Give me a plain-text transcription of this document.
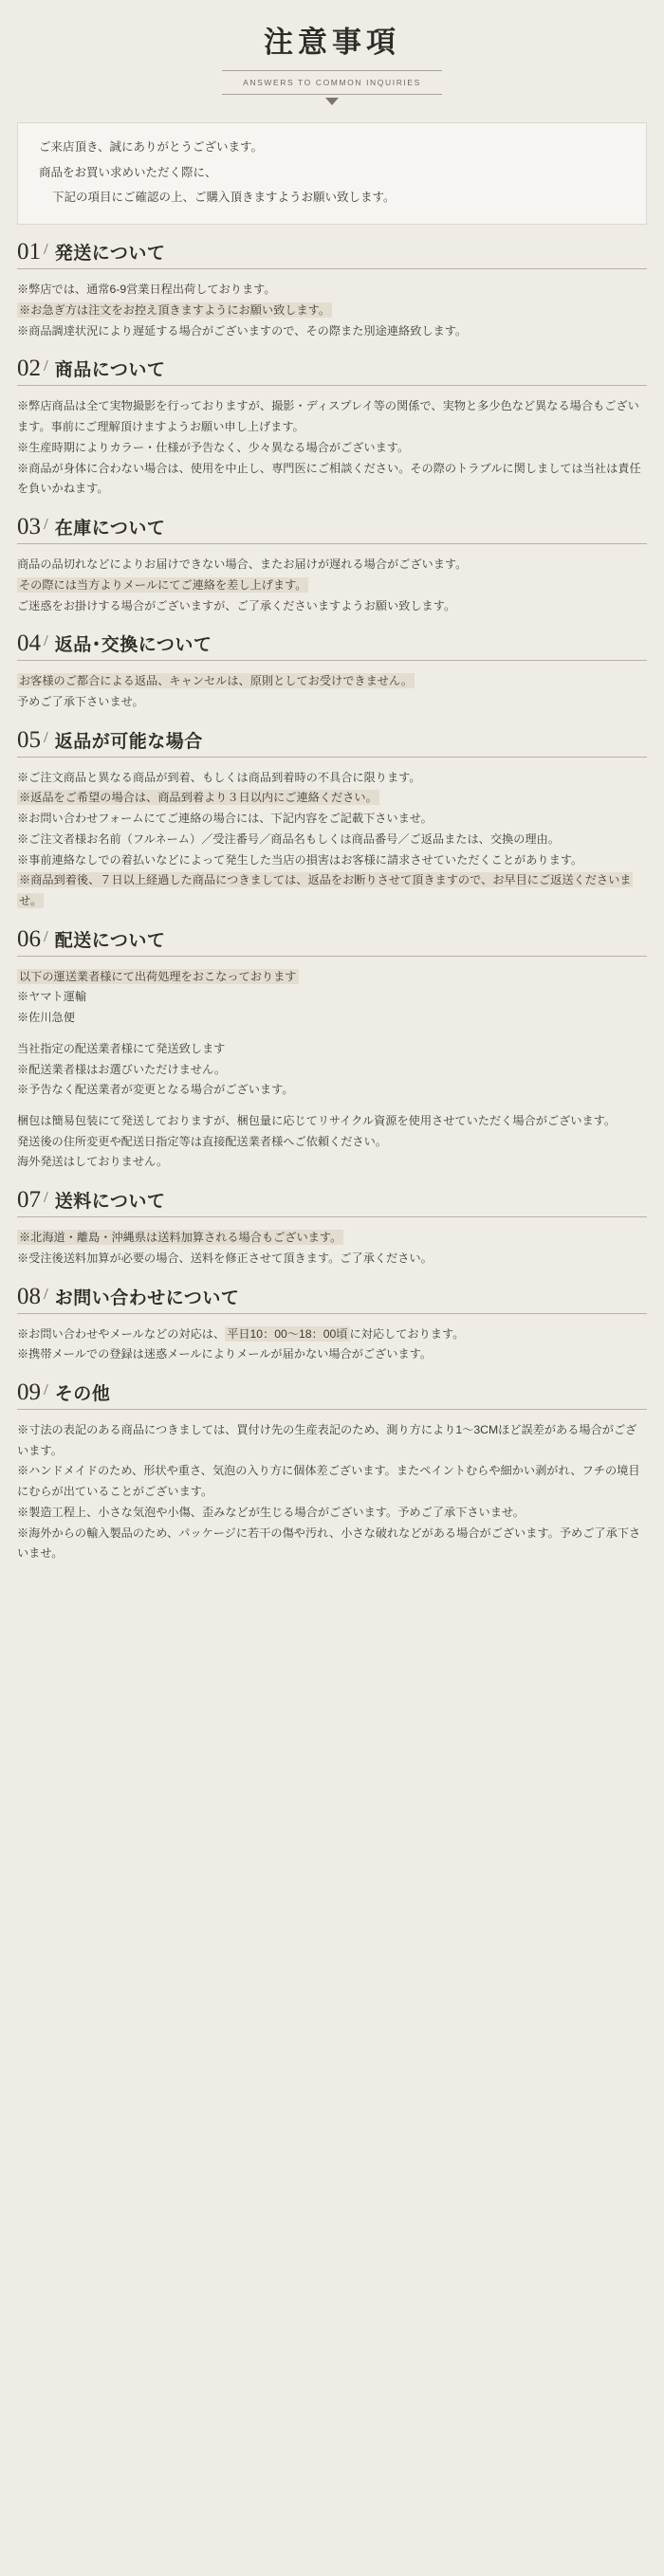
注意事項

ANSWERS TO COMMON INQUIRIES

ご来店頂き、誠にありがとうございます。

商品をお買い求めいただく際に、

下記の項目にご確認の上、ご購入頂きますようお願い致します。

01 / 発送について

※弊店では、通常6-9営業日程出荷しております。

※お急ぎ方は注文をお控え頂きますようにお願い致します。

※商品調達状況により遅延する場合がございますので、その際また別途連絡致します。

02 / 商品について

※弊店商品は全て実物撮影を行っておりますが、撮影・ディスプレイ等の関係で、実物と多少色など異なる場合もございます。事前にご理解頂けますようお願い申し上げます。

※生産時期によりカラー・仕様が予告なく、少々異なる場合がございます。

※商品が身体に合わない場合は、使用を中止し、専門医にご相談ください。その際のトラブルに関しましては当社は責任を負いかねます。

03 / 在庫について

商品の品切れなどによりお届けできない場合、またお届けが遅れる場合がございます。

その際には当方よりメールにてご連絡を差し上げます。

ご迷惑をお掛けする場合がございますが、ご了承くださいますようお願い致します。

04 / 返品･交換について

お客様のご都合による返品、キャンセルは、原則としてお受けできません。

予めご了承下さいませ。

05 / 返品が可能な場合

※ご注文商品と異なる商品が到着、もしくは商品到着時の不具合に限ります。

※返品をご希望の場合は、商品到着より３日以内にご連絡ください。

※お問い合わせフォームにてご連絡の場合には、下記内容をご記載下さいませ。

※ご注文者様お名前（フルネーム）／受注番号／商品名もしくは商品番号／ご返品または、交換の理由。

※事前連絡なしでの着払いなどによって発生した当店の損害はお客様に請求させていただくことがあります。

※商品到着後、７日以上経過した商品につきましては、返品をお断りさせて頂きますので、お早目にご返送くださいませ。

06 / 配送について

以下の運送業者様にて出荷処理をおこなっております

※ヤマト運輸

※佐川急便

当社指定の配送業者様にて発送致します

※配送業者様はお選びいただけません。

※予告なく配送業者が変更となる場合がございます。

梱包は簡易包装にて発送しておりますが、梱包量に応じてリサイクル資源を使用させていただく場合がございます。

発送後の住所変更や配送日指定等は直接配送業者様へご依頼ください。

海外発送はしておりません。

07 / 送料について

※北海道・離島・沖縄県は送料加算される場合もございます。

※受注後送料加算が必要の場合、送料を修正させて頂きます。ご了承ください。

08 / お問い合わせについて

※お問い合わせやメールなどの対応は、 平日10：00～18：00頃 に対応しております。

※携帯メールでの登録は迷惑メールによりメールが届かない場合がございます。

09 / その他

※寸法の表記のある商品につきましては、買付け先の生産表記のため、測り方により1～3CMほど誤差がある場合がございます。

※ハンドメイドのため、形状や重さ、気泡の入り方に個体差ございます。またペイントむらや細かい剥がれ、フチの境目にむらが出ていることがございます。

※製造工程上、小さな気泡や小傷、歪みなどが生じる場合がございます。予めご了承下さいませ。

※海外からの輸入製品のため、パッケージに若干の傷や汚れ、小さな破れなどがある場合がございます。予めご了承下さいませ。
